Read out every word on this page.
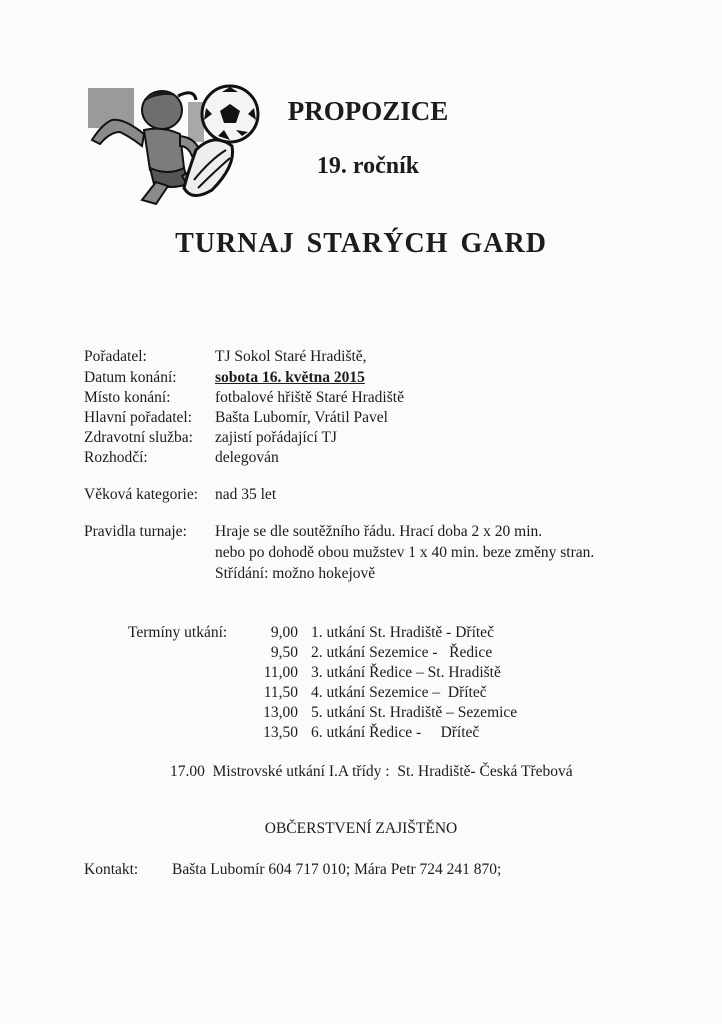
PROPOZICE
19. ročník
TURNAJ STARÝCH GARD
Pořadatel:	TJ Sokol Staré Hradiště,
Datum konání: sobota 16. května 2015
Místo konání:	fotbalové hřiště Staré Hradiště
Hlavní pořadatel: Bašta Lubomír, Vrátil Pavel
Zdravotní služba: zajistí pořádající TJ
Rozhodčí:	delegován
Věková kategorie: nad 35 let
Pravidla turnaje: Hraje se dle soutěžního řádu. Hrací doba 2 x 20 min.
nebo po dohodě obou mužstev 1 x 40 min. beze změny stran.
Střídání: možno hokejově
Termíny utkání:	9,00 1. utkání St. Hradiště - Dříteč
9,50 2. utkání Sezemice -   Ředice
11,00 3. utkání Ředice – St. Hradiště
11,50 4. utkání Sezemice –  Dříteč
13,00 5. utkání St. Hradiště – Sezemice
13,50 6. utkání Ředice -     Dříteč
17.00  Mistrovské utkání I.A třídy :  St. Hradiště- Česká Třebová
OBČERSTVENÍ ZAJIŠTĚNO
Kontakt: Bašta Lubomír 604 717 010; Mára Petr 724 241 870;
